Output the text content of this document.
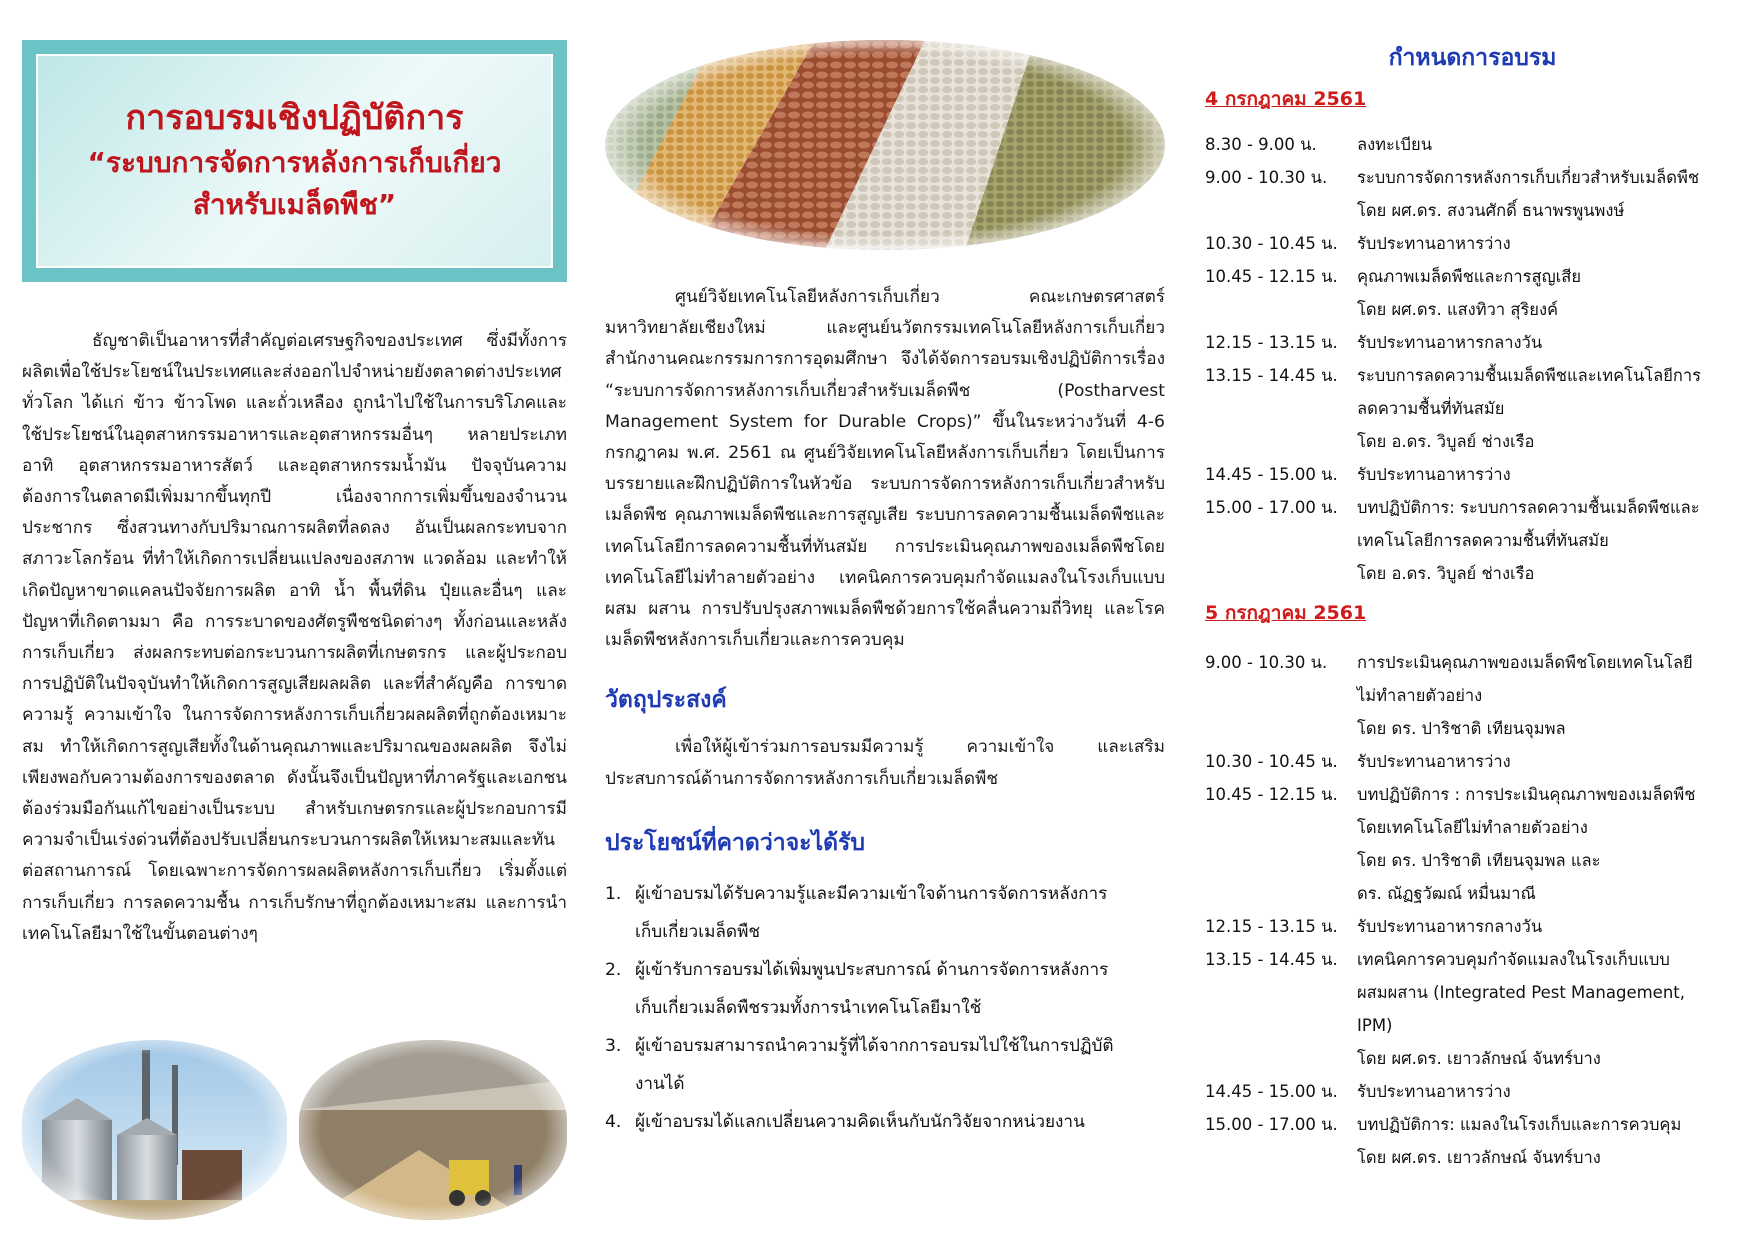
การอบรมเชิงปฏิบัติการ
“ระบบการจัดการหลังการเก็บเกี่ยว
สำหรับเมล็ดพืช”

ธัญชาติเป็นอาหารที่สำคัญต่อเศรษฐกิจของประเทศ ซึ่งมีทั้งการผลิตเพื่อใช้ประโยชน์ในประเทศและส่งออกไปจำหน่ายยังตลาดต่างประเทศทั่วโลก ได้แก่ ข้าว ข้าวโพด และถั่วเหลือง ถูกนำไปใช้ในการบริโภคและใช้ประโยชน์ในอุตสาหกรรมอาหารและอุตสาหกรรมอื่นๆ หลายประเภท อาทิ อุตสาหกรรมอาหารสัตว์ และอุตสาหกรรมน้ำมัน ปัจจุบันความต้องการในตลาดมีเพิ่มมากขึ้นทุกปี เนื่องจากการเพิ่มขึ้นของจำนวนประชากร ซึ่งสวนทางกับปริมาณการผลิตที่ลดลง อันเป็นผลกระทบจากสภาวะโลกร้อน ที่ทำให้เกิดการเปลี่ยนแปลงของสภาพ แวดล้อม และทำให้เกิดปัญหาขาดแคลนปัจจัยการผลิต อาทิ น้ำ พื้นที่ดิน ปุ๋ยและอื่นๆ และปัญหาที่เกิดตามมา คือ การระบาดของศัตรูพืชชนิดต่างๆ ทั้งก่อนและหลังการเก็บเกี่ยว ส่งผลกระทบต่อกระบวนการผลิตที่เกษตรกร และผู้ประกอบการปฏิบัติในปัจจุบันทำให้เกิดการสูญเสียผลผลิต และที่สำคัญคือ การขาดความรู้ ความเข้าใจ ในการจัดการหลังการเก็บเกี่ยวผลผลิตที่ถูกต้องเหมาะสม ทำให้เกิดการสูญเสียทั้งในด้านคุณภาพและปริมาณของผลผลิต จึงไม่เพียงพอกับความต้องการของตลาด ดังนั้นจึงเป็นปัญหาที่ภาครัฐและเอกชนต้องร่วมมือกันแก้ไขอย่างเป็นระบบ สำหรับเกษตรกรและผู้ประกอบการมีความจำเป็นเร่งด่วนที่ต้องปรับเปลี่ยนกระบวนการผลิตให้เหมาะสมและทันต่อสถานการณ์ โดยเฉพาะการจัดการผลผลิตหลังการเก็บเกี่ยว เริ่มตั้งแต่ การเก็บเกี่ยว การลดความชื้น การเก็บรักษาที่ถูกต้องเหมาะสม และการนำเทคโนโลยีมาใช้ในขั้นตอนต่างๆ

ศูนย์วิจัยเทคโนโลยีหลังการเก็บเกี่ยว คณะเกษตรศาสตร์ มหาวิทยาลัยเชียงใหม่ และศูนย์นวัตกรรมเทคโนโลยีหลังการเก็บเกี่ยว สำนักงานคณะกรรมการการอุดมศึกษา จึงได้จัดการอบรมเชิงปฏิบัติการเรื่อง “ระบบการจัดการหลังการเก็บเกี่ยวสำหรับเมล็ดพืช (Postharvest Management System for Durable Crops)” ขึ้นในระหว่างวันที่ 4-6 กรกฎาคม พ.ศ. 2561 ณ ศูนย์วิจัยเทคโนโลยีหลังการเก็บเกี่ยว โดยเป็นการบรรยายและฝึกปฏิบัติการในหัวข้อ ระบบการจัดการหลังการเก็บเกี่ยวสำหรับเมล็ดพืช คุณภาพเมล็ดพืชและการสูญเสีย ระบบการลดความชื้นเมล็ดพืชและเทคโนโลยีการลดความชื้นที่ทันสมัย การประเมินคุณภาพของเมล็ดพืชโดยเทคโนโลยีไม่ทำลายตัวอย่าง เทคนิคการควบคุมกำจัดแมลงในโรงเก็บแบบผสม ผสาน การปรับปรุงสภาพเมล็ดพืชด้วยการใช้คลื่นความถี่วิทยุ และโรคเมล็ดพืชหลังการเก็บเกี่ยวและการควบคุม

วัตถุประสงค์

เพื่อให้ผู้เข้าร่วมการอบรมมีความรู้ ความเข้าใจ และเสริมประสบการณ์ด้านการจัดการหลังการเก็บเกี่ยวเมล็ดพืช

ประโยชน์ที่คาดว่าจะได้รับ
1. ผู้เข้าอบรมได้รับความรู้และมีความเข้าใจด้านการจัดการหลังการ
เก็บเกี่ยวเมล็ดพืช
2. ผู้เข้ารับการอบรมได้เพิ่มพูนประสบการณ์ ด้านการจัดการหลังการ
เก็บเกี่ยวเมล็ดพืชรวมทั้งการนำเทคโนโลยีมาใช้
3. ผู้เข้าอบรมสามารถนำความรู้ที่ได้จากการอบรมไปใช้ในการปฏิบัติ
งานได้
4. ผู้เข้าอบรมได้แลกเปลี่ยนความคิดเห็นกับนักวิจัยจากหน่วยงาน
กำหนดการอบรม
4 กรกฎาคม 2561
8.30 - 9.00 น.	ลงทะเบียน
9.00 - 10.30 น.	ระบบการจัดการหลังการเก็บเกี่ยวสำหรับเมล็ดพืช
โดย ผศ.ดร. สงวนศักดิ์ ธนาพรพูนพงษ์
10.30 - 10.45 น.	รับประทานอาหารว่าง
10.45 - 12.15 น.	คุณภาพเมล็ดพืชและการสูญเสีย
โดย ผศ.ดร. แสงทิวา สุริยงค์
12.15 - 13.15 น.	รับประทานอาหารกลางวัน
13.15 - 14.45 น.	ระบบการลดความชื้นเมล็ดพืชและเทคโนโลยีการ
ลดความชื้นที่ทันสมัย
โดย อ.ดร. วิบูลย์ ช่างเรือ
14.45 - 15.00 น.	รับประทานอาหารว่าง
15.00 - 17.00 น.	บทปฏิบัติการ: ระบบการลดความชื้นเมล็ดพืชและ
เทคโนโลยีการลดความชื้นที่ทันสมัย
โดย อ.ดร. วิบูลย์ ช่างเรือ
5 กรกฎาคม 2561
9.00 - 10.30 น.	การประเมินคุณภาพของเมล็ดพืชโดยเทคโนโลยี
ไม่ทำลายตัวอย่าง
โดย ดร. ปาริชาติ เทียนจุมพล
10.30 - 10.45 น.	รับประทานอาหารว่าง
10.45 - 12.15 น.	บทปฏิบัติการ : การประเมินคุณภาพของเมล็ดพืช
โดยเทคโนโลยีไม่ทำลายตัวอย่าง
โดย ดร. ปาริชาติ เทียนจุมพล และ
ดร. ณัฏฐวัฒณ์ หมื่นมาณี
12.15 - 13.15 น.	รับประทานอาหารกลางวัน
13.15 - 14.45 น.	เทคนิคการควบคุมกำจัดแมลงในโรงเก็บแบบ
ผสมผสาน (Integrated Pest Management,
IPM)
โดย ผศ.ดร. เยาวลักษณ์ จันทร์บาง
14.45 - 15.00 น.	รับประทานอาหารว่าง
15.00 - 17.00 น.	บทปฏิบัติการ: แมลงในโรงเก็บและการควบคุม
โดย ผศ.ดร. เยาวลักษณ์ จันทร์บาง
